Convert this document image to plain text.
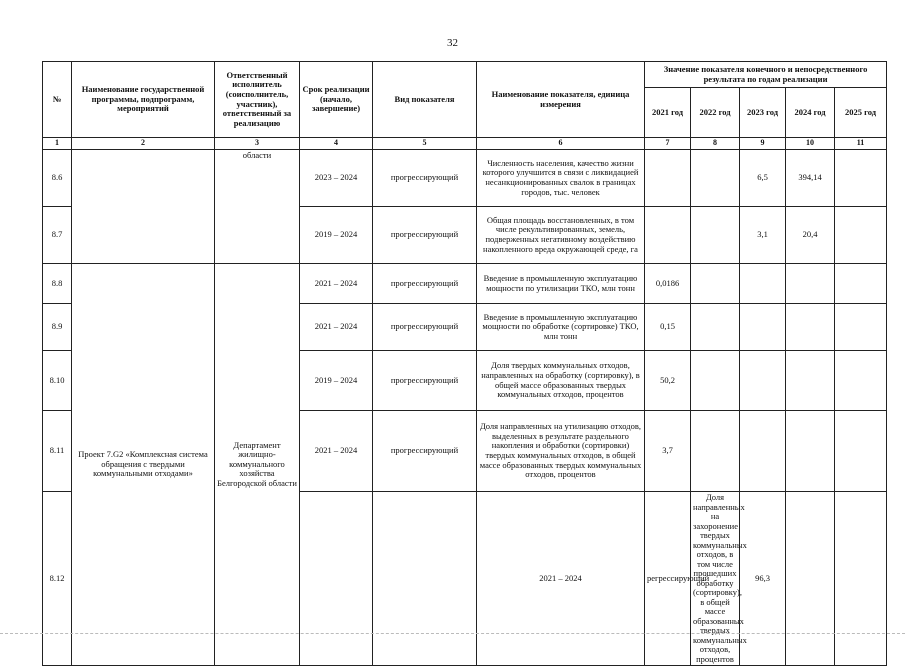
32
№	Наименование государственной программы, подпрограмм, мероприятий	Ответственный исполнитель (соисполнитель, участник), ответственный за реализацию	Срок реализации (начало, завершение)	Вид показателя	Наименование показателя, единица измерения	Значение показателя конечного и непосредственного результата по годам реализации					
						2021 год	2022 год	2023 год	2024 год	2025 год	
1	2	3	4	5	6	7	8	9	10	11	
8.6		области	2023 – 2024	прогрессирующий	Численность населения, качество жизни которого улучшится в связи с ликвидацией несанкционированных свалок в границах городов, тыс. человек			6,5	394,14		
8.7			2019 – 2024	прогрессирующий	Общая площадь восстановленных, в том числе рекультивированных, земель, подверженных негативному воздействию накопленного вреда окружающей среде, га			3,1	20,4		
8.8	Проект 7.G2 «Комплексная система обращения с твердыми коммунальными отходами»	Департамент жилищно-коммунального хозяйства Белгородской области	2021 – 2024	прогрессирующий	Введение в промышленную эксплуатацию мощности по утилизации ТКО, млн тонн	0,0186					
8.9			2021 – 2024	прогрессирующий	Введение в промышленную эксплуатацию мощности по обработке (сортировке) ТКО, млн тонн	0,15					
8.10			2019 – 2024	прогрессирующий	Доля твердых коммунальных отходов, направленных на обработку (сортировку), в общей массе образованных твердых коммунальных отходов, процентов	50,2					
8.11			2021 – 2024	прогрессирующий	Доля направленных на утилизацию отходов, выделенных в результате раздельного накопления и обработки (сортировки) твердых коммунальных отходов, в общей массе образованных твердых коммунальных отходов, процентов	3,7					
8.12					2021 – 2024	регрессирующий	Доля направленных на захоронение твердых коммунальных отходов, в том числе прошедших обработку (сортировку), в общей массе образованных твердых коммунальных отходов, процентов	96,3				
